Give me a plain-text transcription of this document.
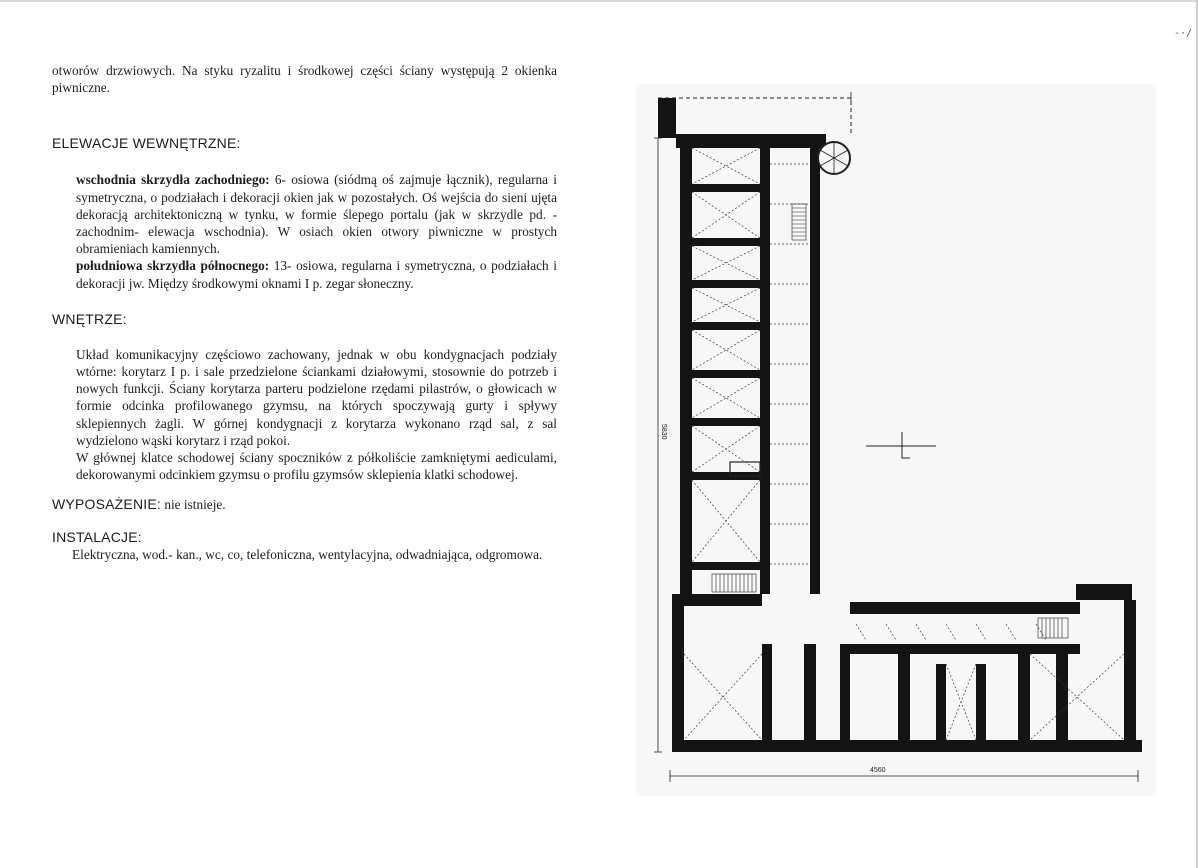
-·/

otworów drzwiowych. Na styku ryzalitu i środkowej części ściany występują 2 okienka piwniczne.

ELEWACJE WEWNĘTRZNE:

wschodnia skrzydła zachodniego: 6- osiowa (siódmą oś zajmuje łącznik), regularna i symetryczna, o podziałach i dekoracji okien jak w pozostałych. Oś wejścia do sieni ujęta dekoracją architektoniczną w tynku, w formie ślepego portalu (jak w skrzydle pd. - zachodnim- elewacja wschodnia). W osiach okien otwory piwniczne w prostych obramieniach kamiennych.

południowa skrzydła północnego: 13- osiowa, regularna i symetryczna, o podziałach i dekoracji jw. Między środkowymi oknami I p. zegar słoneczny.

WNĘTRZE:

Układ komunikacyjny częściowo zachowany, jednak w obu kondygnacjach podziały wtórne: korytarz I p. i sale przedzielone ściankami działowymi, stosownie do potrzeb i nowych funkcji. Ściany korytarza parteru podzielone rzędami pilastrów, o głowicach w formie odcinka profilowanego gzymsu, na których spoczywają gurty i spływy sklepiennych żagli. W górnej kondygnacji z korytarza wykonano rząd sal, z sal wydzielono wąski korytarz i rząd pokoi.

W głównej klatce schodowej ściany spoczników z półkoliście zamkniętymi aediculami, dekorowanymi odcinkiem gzymsu o profilu gzymsów sklepienia klatki schodowej.

WYPOSAŻENIE: nie istnieje.
INSTALACJE:

Elektryczna, wod.- kan., wc, co, telefoniczna, wentylacyjna, odwadniająca, odgromowa.

5830
4560
